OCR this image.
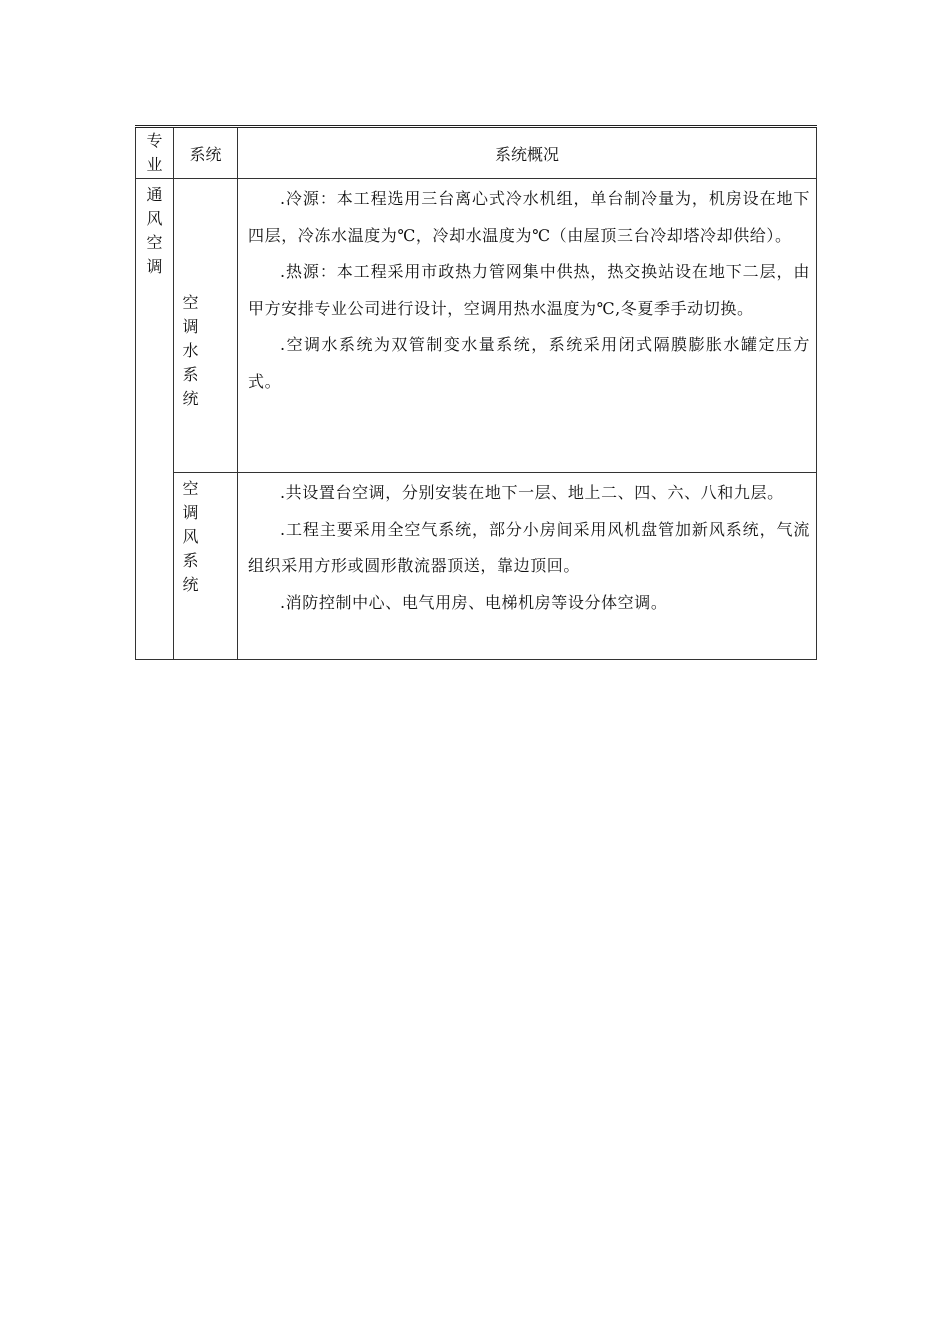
专业	系统	系统概况

通风空调	空调水系统	.冷源：本工程选用三台离心式冷水机组，单台制冷量为，机房设在地下四层，冷冻水温度为℃，冷却水温度为℃（由屋顶三台冷却塔冷却供给）。

.热源：本工程采用市政热力管网集中供热，热交换站设在地下二层，由甲方安排专业公司进行设计，空调用热水温度为℃,冬夏季手动切换。

.空调水系统为双管制变水量系统，系统采用闭式隔膜膨胀水罐定压方式。

	空调风系统	.共设置台空调，分别安装在地下一层、地上二、四、六、八和九层。

.工程主要采用全空气系统，部分小房间采用风机盘管加新风系统，气流组织采用方形或圆形散流器顶送，靠边顶回。

.消防控制中心、电气用房、电梯机房等设分体空调。
